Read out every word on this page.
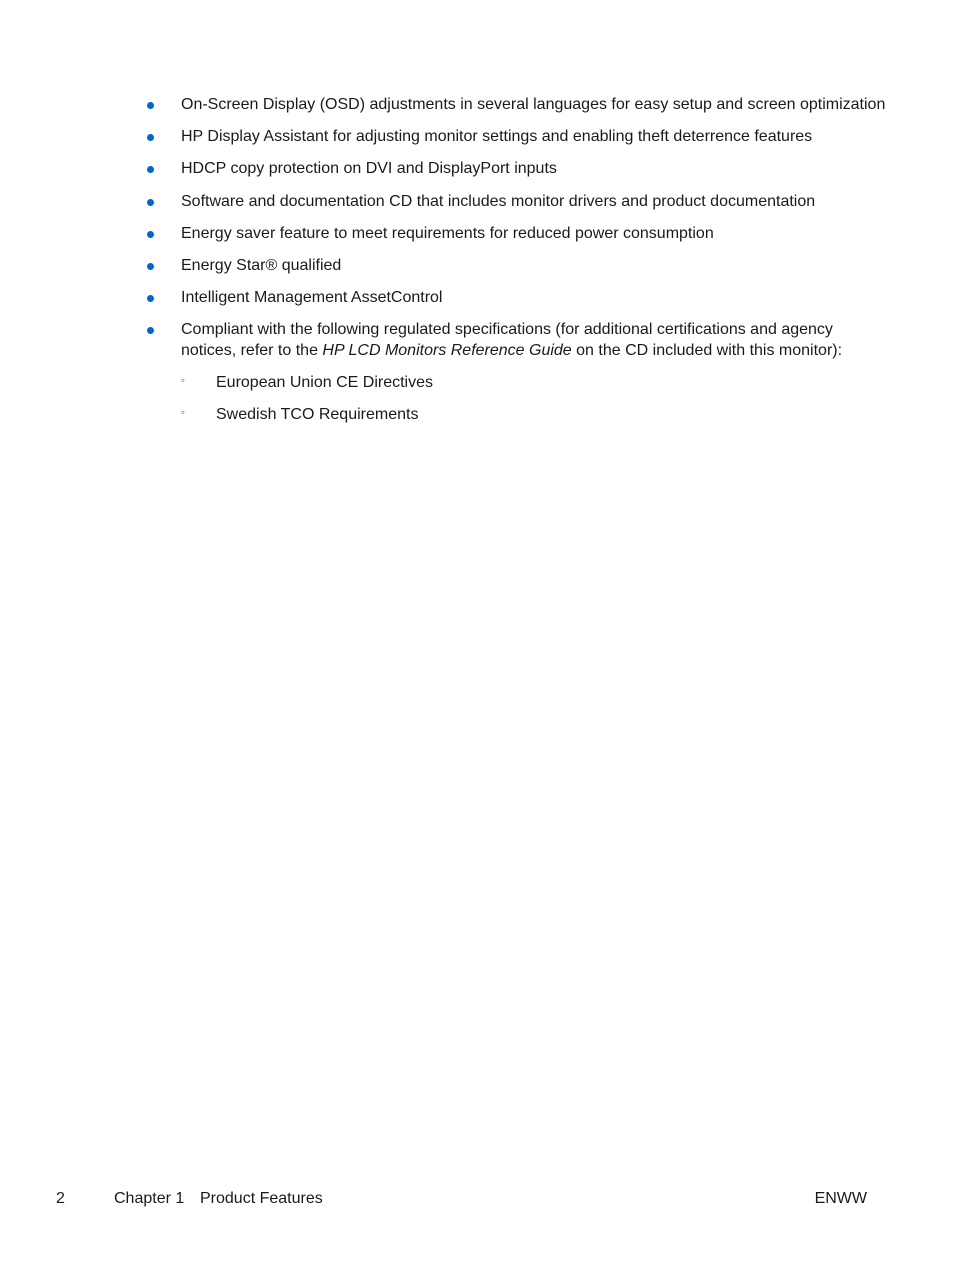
On-Screen Display (OSD) adjustments in several languages for easy setup and screen optimization
HP Display Assistant for adjusting monitor settings and enabling theft deterrence features
HDCP copy protection on DVI and DisplayPort inputs
Software and documentation CD that includes monitor drivers and product documentation
Energy saver feature to meet requirements for reduced power consumption
Energy Star® qualified
Intelligent Management AssetControl
Compliant with the following regulated specifications (for additional certifications and agency notices, refer to the HP LCD Monitors Reference Guide on the CD included with this monitor):
◦ European Union CE Directives
◦ Swedish TCO Requirements
2	Chapter 1 Product Features	ENWW
